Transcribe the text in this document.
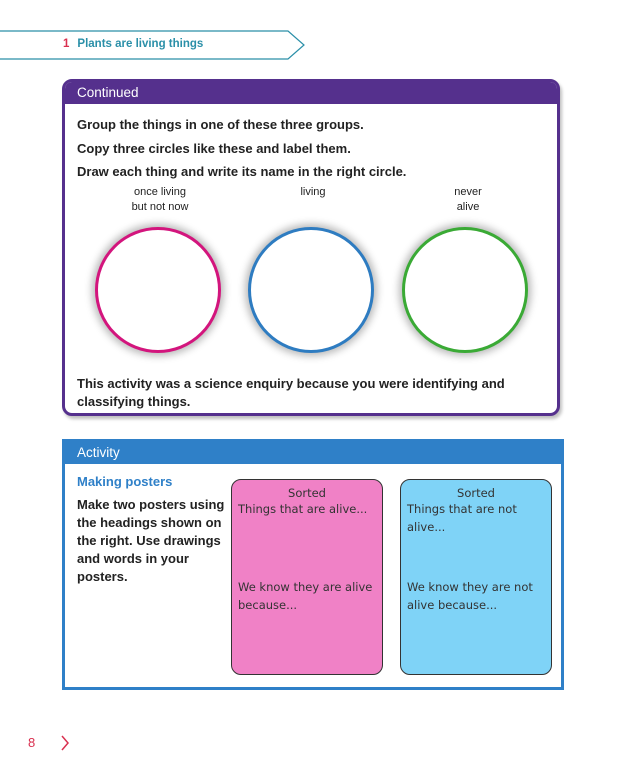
1 Plants are living things
Continued
Group the things in one of these three groups.
Copy three circles like these and label them.
Draw each thing and write its name in the right circle.
once living
but not now
living	never
alive
This activity was a science enquiry because you were identifying and classifying things.
Activity
Making posters
Make two posters using the headings shown on the right. Use drawings and words in your posters.
Sorted
Things that are alive...
We know they are alive because...
Sorted
Things that are not alive...
We know they are not alive because...
8
